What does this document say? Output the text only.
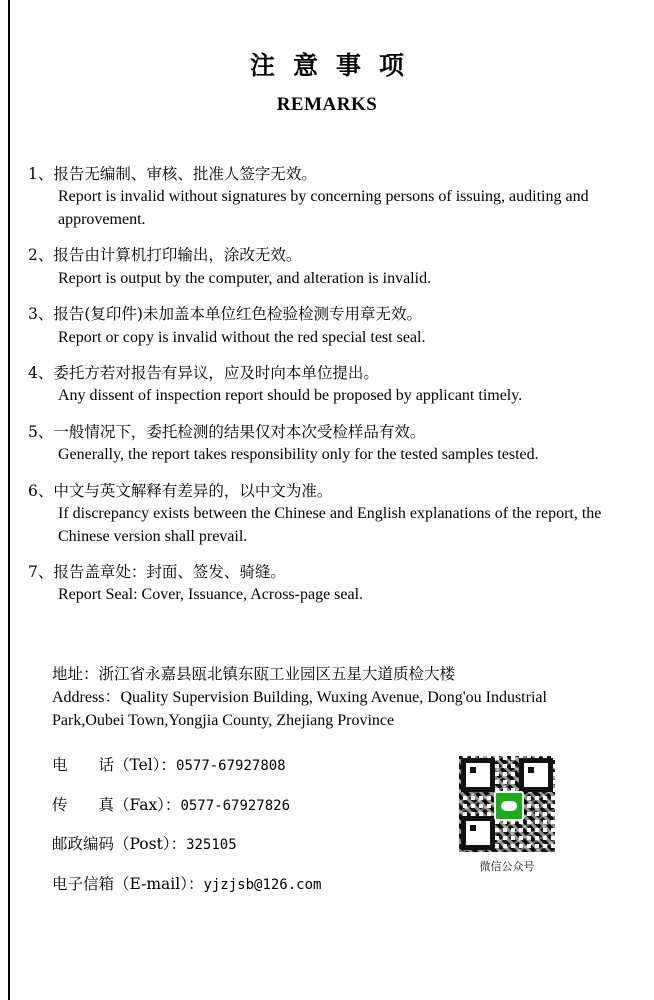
注意事项
REMARKS
1、报告无编制、审核、批准人签字无效。
Report is invalid without signatures by concerning persons of issuing, auditing and approvement.
2、报告由计算机打印输出，涂改无效。
Report is output by the computer, and alteration is invalid.
3、报告(复印件)未加盖本单位红色检验检测专用章无效。
Report or copy is invalid without the red special test seal.
4、委托方若对报告有异议，应及时向本单位提出。
Any dissent of inspection report should be proposed by applicant timely.
5、一般情况下，委托检测的结果仅对本次受检样品有效。
Generally, the report takes responsibility only for the tested samples tested.
6、中文与英文解释有差异的，以中文为准。
If discrepancy exists between the Chinese and English explanations of the report, the Chinese version shall prevail.
7、报告盖章处：封面、签发、骑缝。
Report Seal: Cover, Issuance, Across-page seal.
地址：浙江省永嘉县瓯北镇东瓯工业园区五星大道质检大楼
Address：Quality Supervision Building, Wuxing Avenue, Dong'ou Industrial Park,Oubei Town,Yongjia County, Zhejiang Province
电　　话（Tel）：0577-67927808
传　　真（Fax）：0577-67927826
邮政编码（Post）：325105
电子信箱（E-mail）：yjzjsb@126.com
微信公众号
